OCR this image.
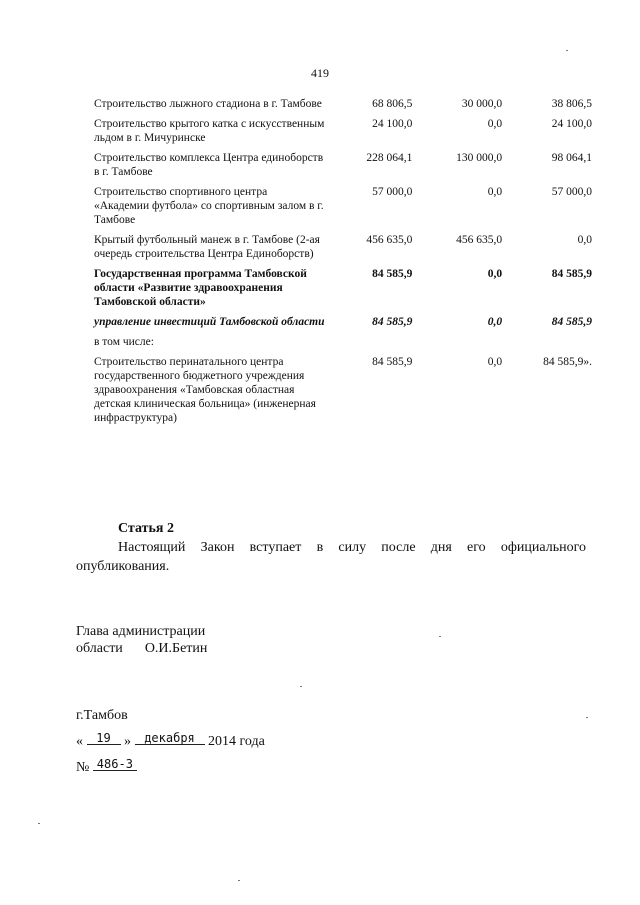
419
Строительство лыжного стадиона в г. Тамбове	68 806,5	30 000,0	38 806,5
Строительство крытого катка с искусственным льдом в г. Мичуринске	24 100,0	0,0	24 100,0
Строительство комплекса Центра единоборств в г. Тамбове	228 064,1	130 000,0	98 064,1
Строительство спортивного центра «Академии футбола» со спортивным залом в г. Тамбове	57 000,0	0,0	57 000,0
Крытый футбольный манеж в г. Тамбове (2-ая очередь строительства Центра Единоборств)	456 635,0	456 635,0	0,0
Государственная программа Тамбовской области «Развитие здравоохранения Тамбовской области»	84 585,9	0,0	84 585,9
управление инвестиций Тамбовской области	84 585,9	0,0	84 585,9
в том числе:			
Строительство перинатального центра государственного бюджетного учреждения здравоохранения «Тамбовская областная детская клиническая больница» (инженерная инфраструктура)	84 585,9	0,0	84 585,9».
Статья 2
Настоящий Закон вступает в силу после дня его официального опубликования.
Глава администрации
области О.И.Бетин
г.Тамбов
« 19 » декабря 2014 года
№ 486-З
